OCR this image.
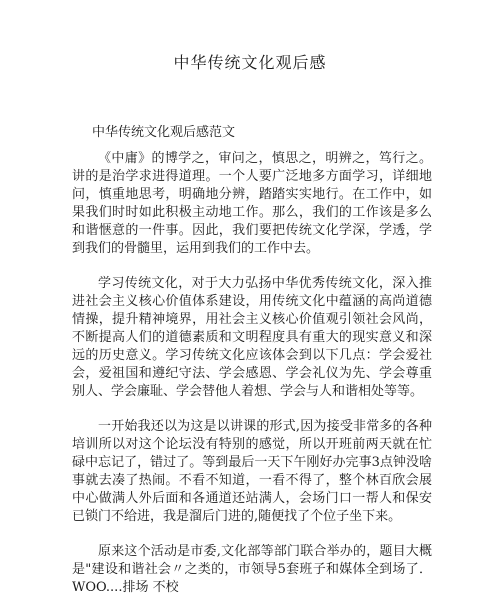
中华传统文化观后感
中华传统文化观后感范文

《中庸》的博学之，审问之，慎思之，明辨之，笃行之。讲的是治学求进得道理。一个人要广泛地多方面学习，详细地问，慎重地思考，明确地分辨，踏踏实实地行。在工作中，如果我们时时如此积极主动地工作。那么，我们的工作该是多么和谐惬意的一件事。因此，我们要把传统文化学深，学透，学到我们的骨髓里，运用到我们的工作中去。

学习传统文化，对于大力弘扬中华优秀传统文化，深入推进社会主义核心价值体系建设，用传统文化中蕴涵的高尚道德情操，提升精神境界，用社会主义核心价值观引领社会风尚，不断提高人们的道德素质和文明程度具有重大的现实意义和深远的历史意义。学习传统文化应该体会到以下几点：学会爱社会，爱祖国和遵纪守法、学会感恩、学会礼仪为先、学会尊重别人、学会廉耻、学会替他人着想、学会与人和谐相处等等。

一开始我还以为这是以讲课的形式,因为接受非常多的各种培训所以对这个论坛没有特别的感觉，所以开班前两天就在忙碌中忘记了，错过了。等到最后一天下午刚好办完事3点钟没啥事就去凑了热闹。不看不知道，一看不得了，整个林百欣会展中心做满人外后面和各通道还站满人，会场门口一帮人和保安已锁门不给进，我是溜后门进的,随便找了个位子坐下来。

原来这个活动是市委,文化部等部门联合举办的，题目大概是"建设和谐社会〃之类的，市领导5套班子和媒体全到场了．WOO....排场 不校
